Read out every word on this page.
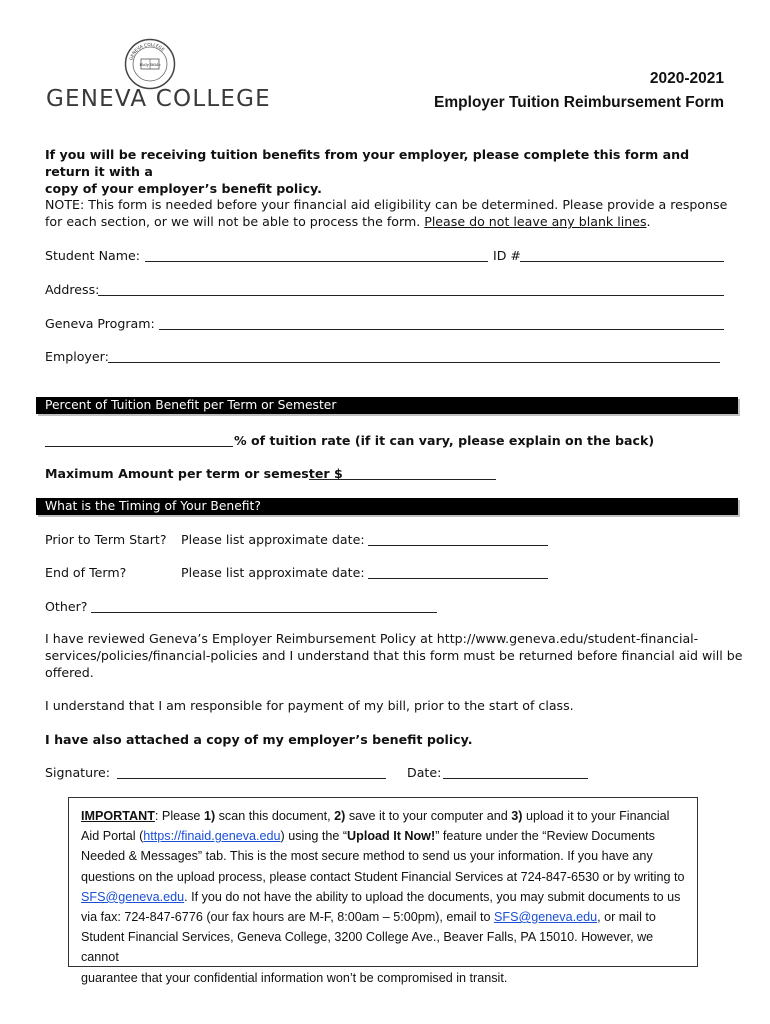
Holy Bible
GENEVA COLLEGE
GENEVA COLLEGE
2020-2021
Employer Tuition Reimbursement Form
If you will be receiving tuition benefits from your employer, please complete this form and return it with a
copy of your employer’s benefit policy.
NOTE: This form is needed before your financial aid eligibility can be determined. Please provide a response
for each section, or we will not be able to process the form. Please do not leave any blank lines.
Student Name:	ID #
Address:
Geneva Program:
Employer:
Percent of Tuition Benefit per Term or Semester
% of tuition rate (if it can vary, please explain on the back)
Maximum Amount per term or semester $
What is the Timing of Your Benefit?
Prior to Term Start? Please list approximate date:
End of Term?	Please list approximate date:
Other?
I have reviewed Geneva’s Employer Reimbursement Policy at http://www.geneva.edu/student-financial-
services/policies/financial-policies and I understand that this form must be returned before financial aid will be
offered.
I understand that I am responsible for payment of my bill, prior to the start of class.
I have also attached a copy of my employer’s benefit policy.
Signature:	Date:
IMPORTANT: Please 1) scan this document, 2) save it to your computer and 3) upload it to your Financial
Aid Portal (https://finaid.geneva.edu) using the “Upload It Now!” feature under the “Review Documents
Needed & Messages” tab. This is the most secure method to send us your information. If you have any
questions on the upload process, please contact Student Financial Services at 724-847-6530 or by writing to
SFS@geneva.edu. If you do not have the ability to upload the documents, you may submit documents to us
via fax: 724-847-6776 (our fax hours are M-F, 8:00am – 5:00pm), email to SFS@geneva.edu, or mail to
Student Financial Services, Geneva College, 3200 College Ave., Beaver Falls, PA 15010. However, we cannot
guarantee that your confidential information won’t be compromised in transit.
